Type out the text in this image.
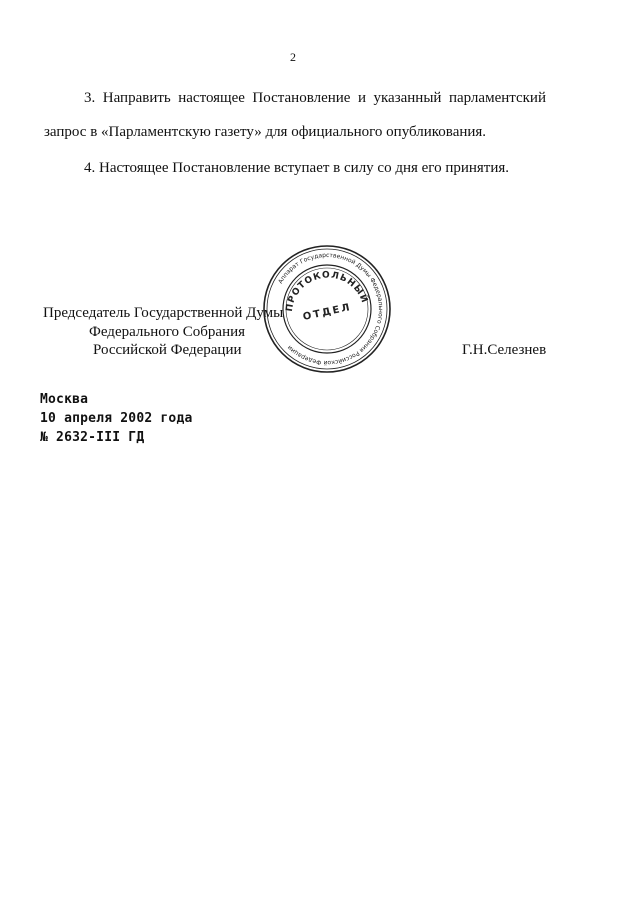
2
3. Направить настоящее Постановление и указанный парламентский
запрос в «Парламентскую газету» для официального опубликования.
4. Настоящее Постановление вступает в силу со дня его принятия.
Председатель Государственной Думы
Федерального Собрания
Российской Федерации	Г.Н.Селезнев
Аппарат Государственной Думы Федерального Собрания Российской Федерации
ПРОТОКОЛЬНЫЙ
ОТДЕЛ
Москва
10 апреля 2002 года
№ 2632-III ГД
